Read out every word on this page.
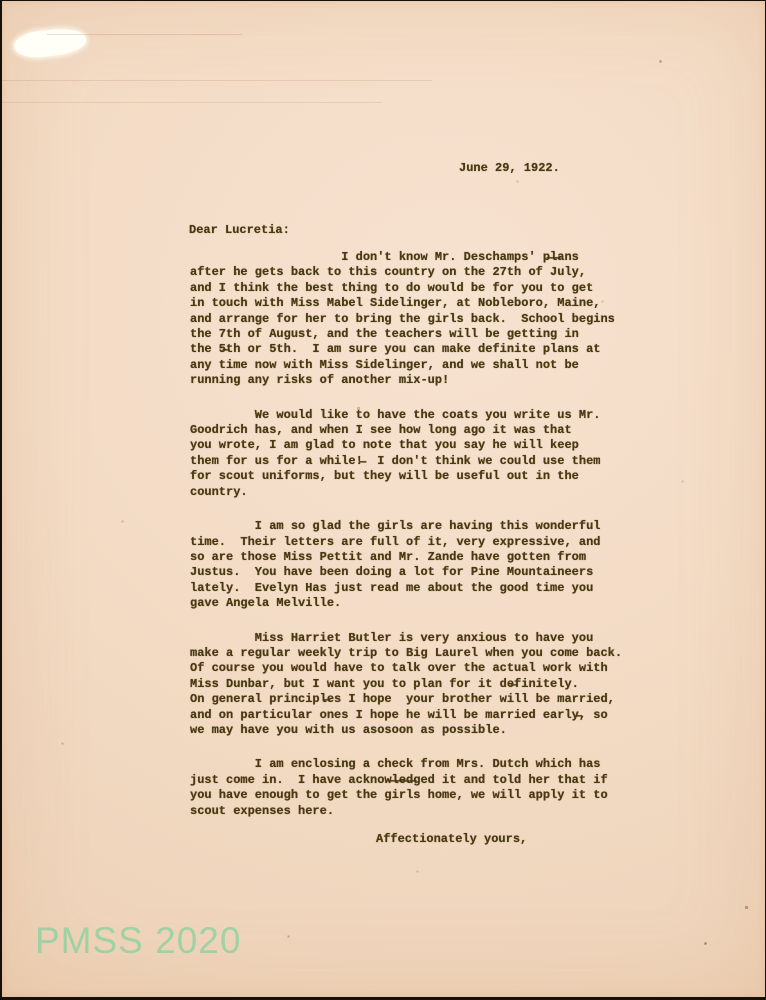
June 29, 1922.
Dear Lucretia:
I don't know Mr. Deschamps' p̶l̶ans
after he gets back to this country on the 27th of July,
and I think the best thing to do would be for you to get
in touch with Miss Mabel Sidelinger, at Nobleboro, Maine,
and arrange for her to bring the girls back.  School begins
the 7th of August, and the teachers will be getting in
the 5̶th or 5th.  I am sure you can make definite plans at
any time now with Miss Sidelinger, and we shall not be
running any risks of another mix-up!
We would like to have the coats you write us Mr.
Goodrich has, and when I see how long ago it was that
you wrote, I am glad to note that you say he will keep
them for us for a while!̶  I don't think we could use them
for scout uniforms, but they will be useful out in the
country.
I am so glad the girls are having this wonderful
time.  Their letters are full of it, very expressive, and
so are those Miss Pettit and Mr. Zande have gotten from
Justus.  You have been doing a lot for Pine Mountaineers
lately.  Evelyn Has just read me about the good time you
gave Angela Melville.
Miss Harriet Butler is very anxious to have you
make a regular weekly trip to Big Laurel when you come back.
Of course you would have to talk over the actual work with
Miss Dunbar, but I want you to plan for it de̶finitely.
On general principl̶es I hope  your brother will be married,
and on particular ones I hope he will be married early̶, so
we may have you with us asosoon as possible.
I am enclosing a check from Mrs. Dutch which has
just come in.  I have acknow̶l̶e̶d̶ged it and told her that if
you have enough to get the girls home, we will apply it to
scout expenses here.
Affectionately yours,
PMSS 2020
